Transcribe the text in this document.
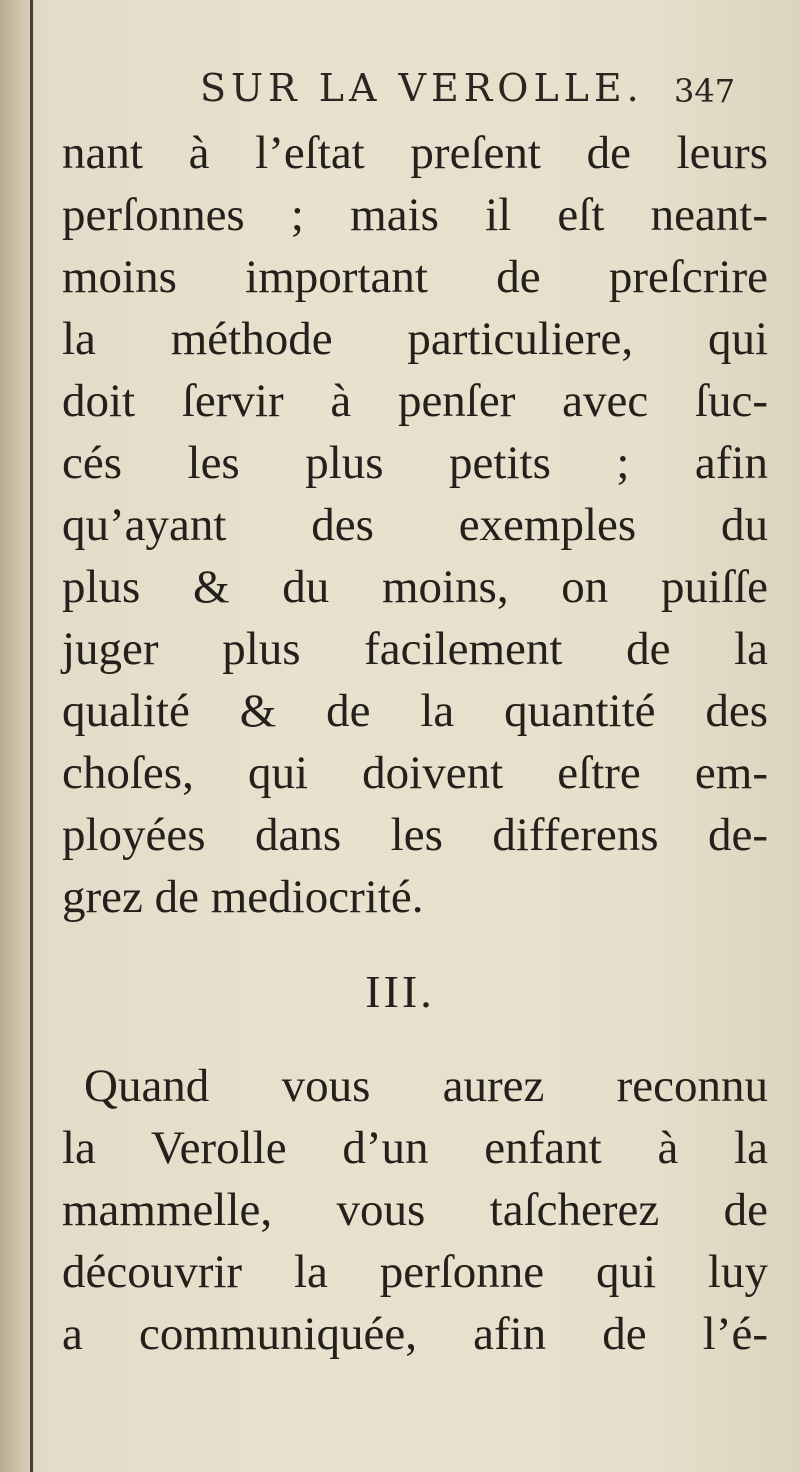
SUR LA VEROLLE. 347
nant à l’eſtat preſent de leurs
perſonnes ; mais il eſt neant-
moins important de preſcrire
la méthode particuliere, qui
doit ſervir à penſer avec ſuc-
cés les plus petits ; afin
qu’ayant des exemples du
plus & du moins, on puiſſe
juger plus facilement de la
qualité & de la quantité des
choſes, qui doivent eſtre em-
ployées dans les differens de-
grez de mediocrité.
III.
Quand vous aurez reconnu
la Verolle d’un enfant à la
mammelle, vous taſcherez de
découvrir la perſonne qui luy
a communiquée, afin de l’é-
